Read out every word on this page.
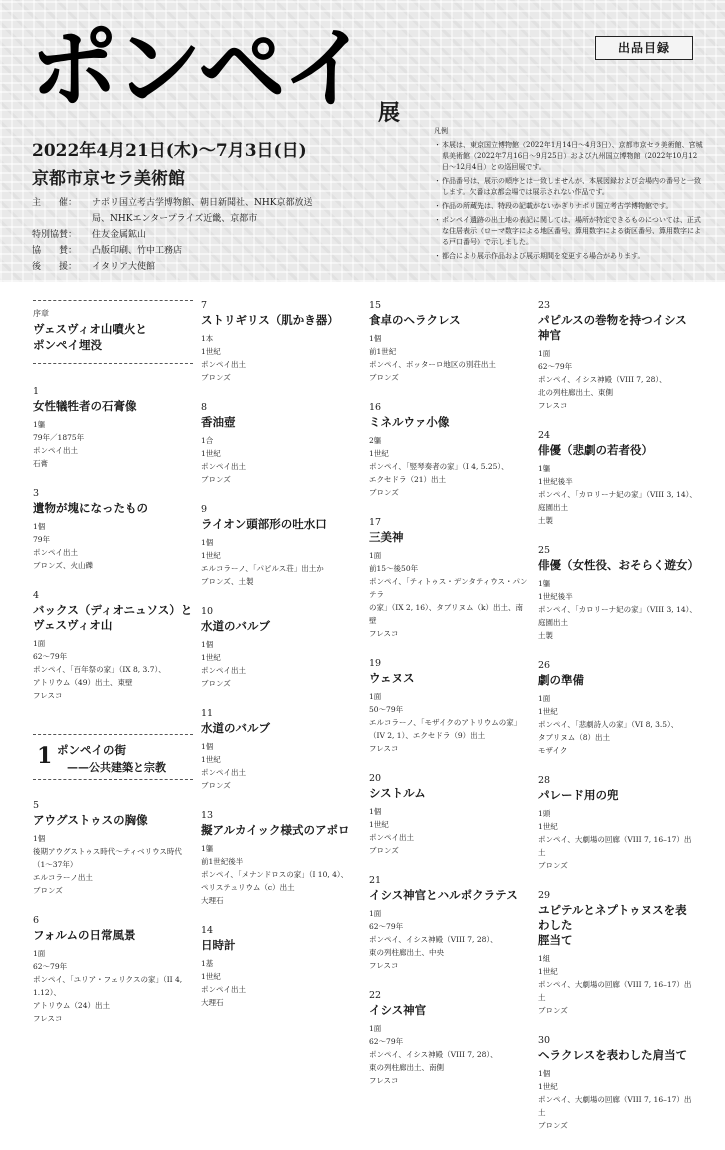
ポンペイ 展
出品目録
2022年4月21日(木)〜7月3日(日)
京都市京セラ美術館
主　　催：	ナポリ国立考古学博物館、朝日新聞社、NHK京都放送局、NHKエンタープライズ近畿、京都市
特別協賛：	住友金属鉱山
協　　賛：	凸版印刷、竹中工務店
後　　援：	イタリア大使館
凡例
・ 本展は、東京国立博物館（2022年1月14日〜4月3日）、京都市京セラ美術館、宮城県美術館（2022年7月16日〜9月25日）および九州国立博物館（2022年10月12日〜12月4日）との巡回展です。
・ 作品番号は、展示の順序とは一致しませんが、本展図録および会場内の番号と一致します。欠番は京都会場では展示されない作品です。
・ 作品の所蔵先は、特段の記載がないかぎりナポリ国立考古学博物館です。
・ ポンペイ遺跡の出土地の表記に関しては、場所が特定できるものについては、正式な住居表示（ローマ数字による地区番号、算用数字による街区番号、算用数字による戸口番号）で示しました。
・ 都合により展示作品および展示期間を変更する場合があります。
序章
ヴェスヴィオ山噴火と
ポンペイ埋没
1
女性犠牲者の石膏像
1軀
79年／1875年
ポンペイ出土
石膏
3
遺物が塊になったもの
1個
79年
ポンペイ出土
ブロンズ、火山礫
4
バックス（ディオニュソス）と
ヴェスヴィオ山
1面
62〜79年
ポンペイ、「百年祭の家」（IX 8, 3.7）、
アトリウム（49）出土、東壁
フレスコ
1 ポンペイの街
——公共建築と宗教
5
アウグストゥスの胸像
1個
後期アウグストゥス時代〜ティベリウス時代
（1〜37年）
エルコラーノ出土
ブロンズ
6
フォルムの日常風景
1面
62〜79年
ポンペイ、「ユリア・フェリクスの家」（II 4, 1.12）、
アトリウム（24）出土
フレスコ
7
ストリギリス（肌かき器）
1本
1世紀
ポンペイ出土
ブロンズ
8
香油壺
1合
1世紀
ポンペイ出土
ブロンズ
9
ライオン頭部形の吐水口
1個
1世紀
エルコラーノ、「パピルス荘」出土か
ブロンズ、土製
10
水道のバルブ
1個
1世紀
ポンペイ出土
ブロンズ
11
水道のバルブ
1個
1世紀
ポンペイ出土
ブロンズ
13
擬アルカイック様式のアポロ
1軀
前1世紀後半
ポンペイ、「メナンドロスの家」（I 10, 4）、
ペリステュリウム（c）出土
大理石
14
日時計
1基
1世紀
ポンペイ出土
大理石
15
食卓のヘラクレス
1個
前1世紀
ポンペイ、ボッターロ地区の別荘出土
ブロンズ
16
ミネルウァ小像
2軀
1世紀
ポンペイ、「竪琴奏者の家」（I 4, 5.25）、
エクセドラ（21）出土
ブロンズ
17
三美神
1面
前15〜後50年
ポンペイ、「ティトゥス・デンタティウス・パンテラ
の家」（IX 2, 16）、タブリヌム（k）出土、南壁
フレスコ
19
ウェヌス
1面
50〜79年
エルコラーノ、「モザイクのアトリウムの家」
（IV 2, 1）、エクセドラ（9）出土
フレスコ
20
シストルム
1個
1世紀
ポンペイ出土
ブロンズ
21
イシス神官とハルポクラテス
1面
62〜79年
ポンペイ、イシス神殿（VIII 7, 28）、
東の列柱廊出土、中央
フレスコ
22
イシス神官
1面
62〜79年
ポンペイ、イシス神殿（VIII 7, 28）、
東の列柱廊出土、南側
フレスコ
23
パピルスの巻物を持つイシス神官
1面
62〜79年
ポンペイ、イシス神殿（VIII 7, 28）、
北の列柱廊出土、東側
フレスコ
24
俳優（悲劇の若者役）
1軀
1世紀後半
ポンペイ、「カロリーナ妃の家」（VIII 3, 14）、
庭園出土
土製
25
俳優（女性役、おそらく遊女）
1軀
1世紀後半
ポンペイ、「カロリーナ妃の家」（VIII 3, 14）、
庭園出土
土製
26
劇の準備
1面
1世紀
ポンペイ、「悲劇詩人の家」（VI 8, 3.5）、
タブリヌム（8）出土
モザイク
28
パレード用の兜
1頭
1世紀
ポンペイ、大劇場の回廊（VIII 7, 16–17）出土
ブロンズ
29
ユピテルとネプトゥヌスを表わした
脛当て
1組
1世紀
ポンペイ、大劇場の回廊（VIII 7, 16–17）出土
ブロンズ
30
ヘラクレスを表わした肩当て
1個
1世紀
ポンペイ、大劇場の回廊（VIII 7, 16–17）出土
ブロンズ
